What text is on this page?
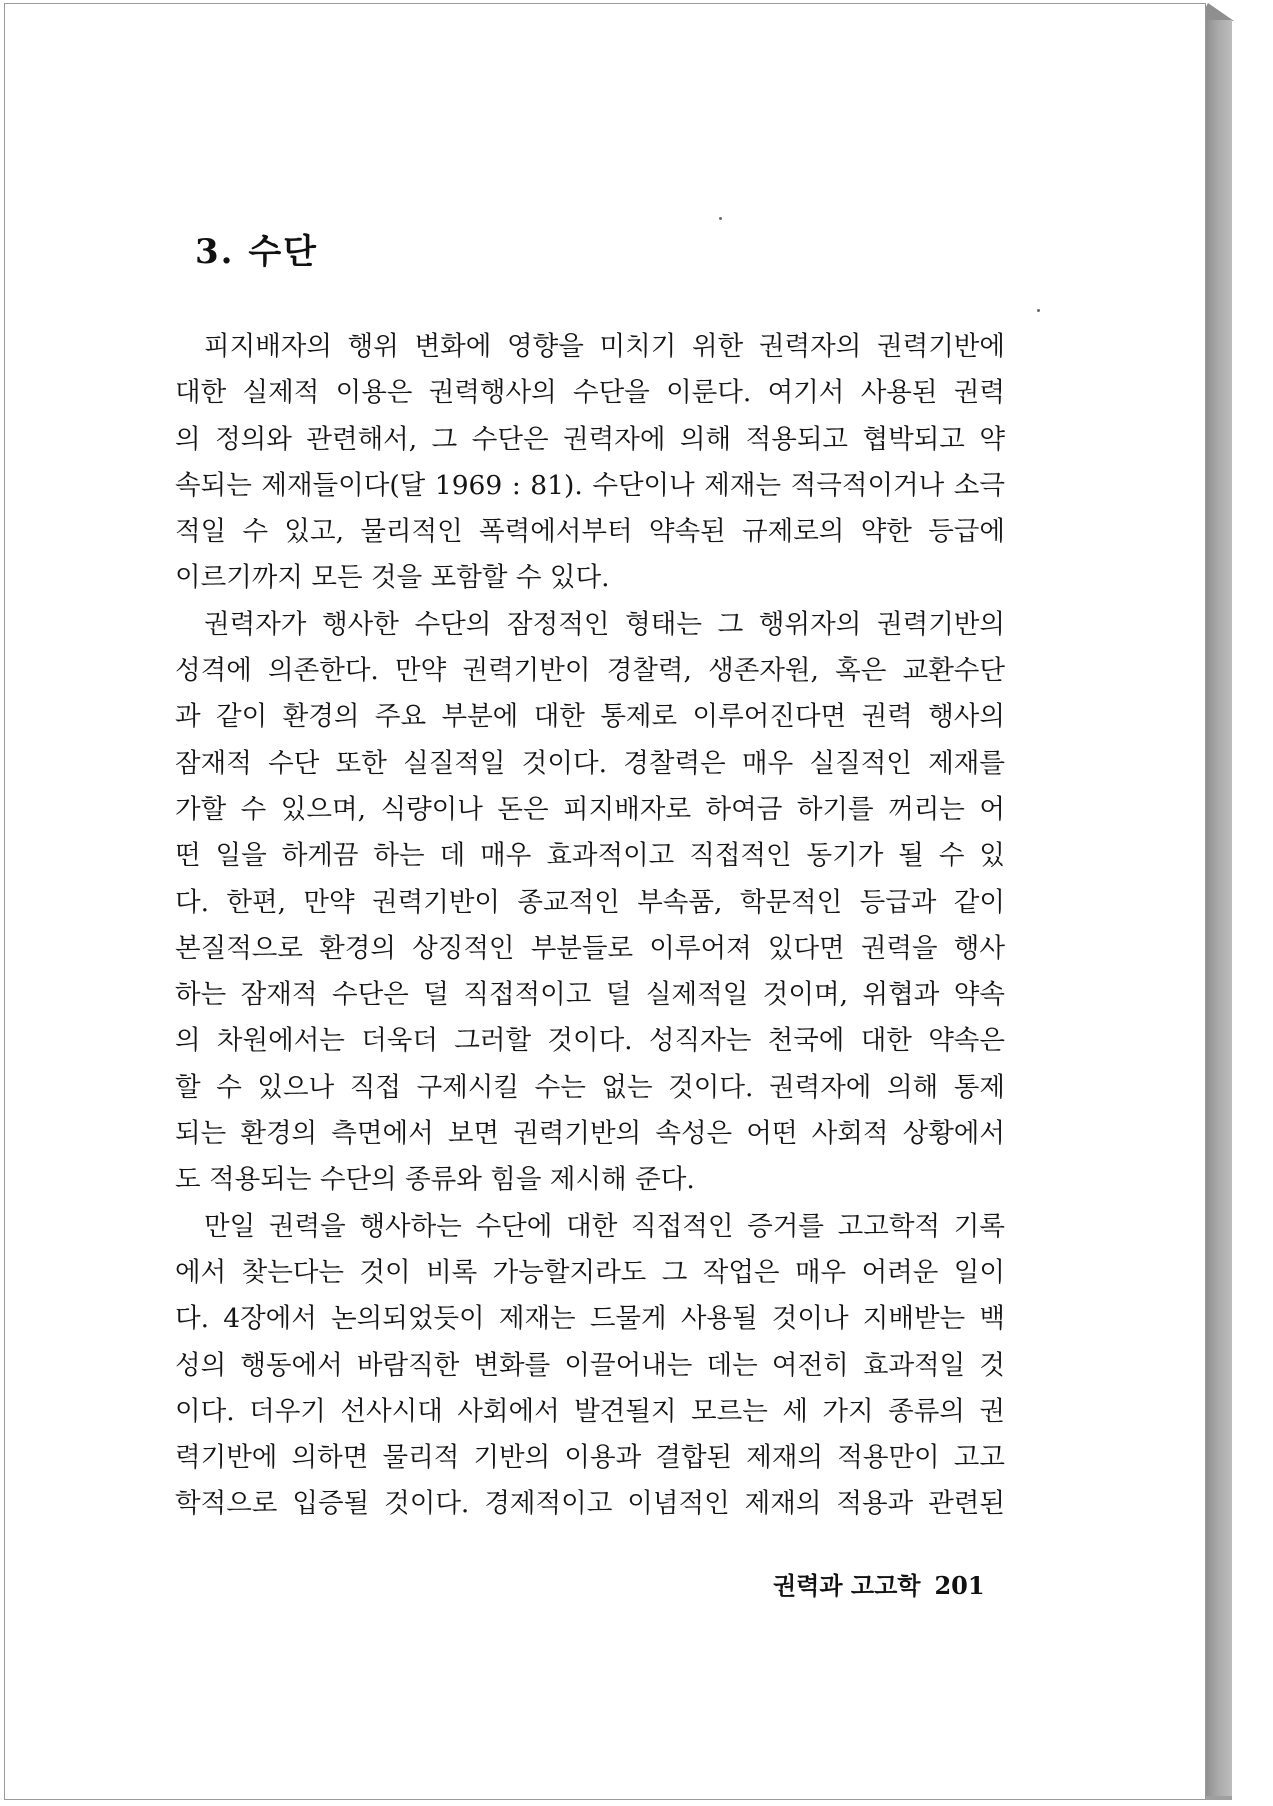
3. 수단
피지배자의 행위 변화에 영향을 미치기 위한 권력자의 권력기반에
대한 실제적 이용은 권력행사의 수단을 이룬다. 여기서 사용된 권력
의 정의와 관련해서, 그 수단은 권력자에 의해 적용되고 협박되고 약
속되는 제재들이다(달 1969 : 81). 수단이나 제재는 적극적이거나 소극
적일 수 있고, 물리적인 폭력에서부터 약속된 규제로의 약한 등급에
이르기까지 모든 것을 포함할 수 있다.
권력자가 행사한 수단의 잠정적인 형태는 그 행위자의 권력기반의
성격에 의존한다. 만약 권력기반이 경찰력, 생존자원, 혹은 교환수단
과 같이 환경의 주요 부분에 대한 통제로 이루어진다면 권력 행사의
잠재적 수단 또한 실질적일 것이다. 경찰력은 매우 실질적인 제재를
가할 수 있으며, 식량이나 돈은 피지배자로 하여금 하기를 꺼리는 어
떤 일을 하게끔 하는 데 매우 효과적이고 직접적인 동기가 될 수 있
다. 한편, 만약 권력기반이 종교적인 부속품, 학문적인 등급과 같이
본질적으로 환경의 상징적인 부분들로 이루어져 있다면 권력을 행사
하는 잠재적 수단은 덜 직접적이고 덜 실제적일 것이며, 위협과 약속
의 차원에서는 더욱더 그러할 것이다. 성직자는 천국에 대한 약속은
할 수 있으나 직접 구제시킬 수는 없는 것이다. 권력자에 의해 통제
되는 환경의 측면에서 보면 권력기반의 속성은 어떤 사회적 상황에서
도 적용되는 수단의 종류와 힘을 제시해 준다.
만일 권력을 행사하는 수단에 대한 직접적인 증거를 고고학적 기록
에서 찾는다는 것이 비록 가능할지라도 그 작업은 매우 어려운 일이
다. 4장에서 논의되었듯이 제재는 드물게 사용될 것이나 지배받는 백
성의 행동에서 바람직한 변화를 이끌어내는 데는 여전히 효과적일 것
이다. 더우기 선사시대 사회에서 발견될지 모르는 세 가지 종류의 권
력기반에 의하면 물리적 기반의 이용과 결합된 제재의 적용만이 고고
학적으로 입증될 것이다. 경제적이고 이념적인 제재의 적용과 관련된
권력과 고고학 201
